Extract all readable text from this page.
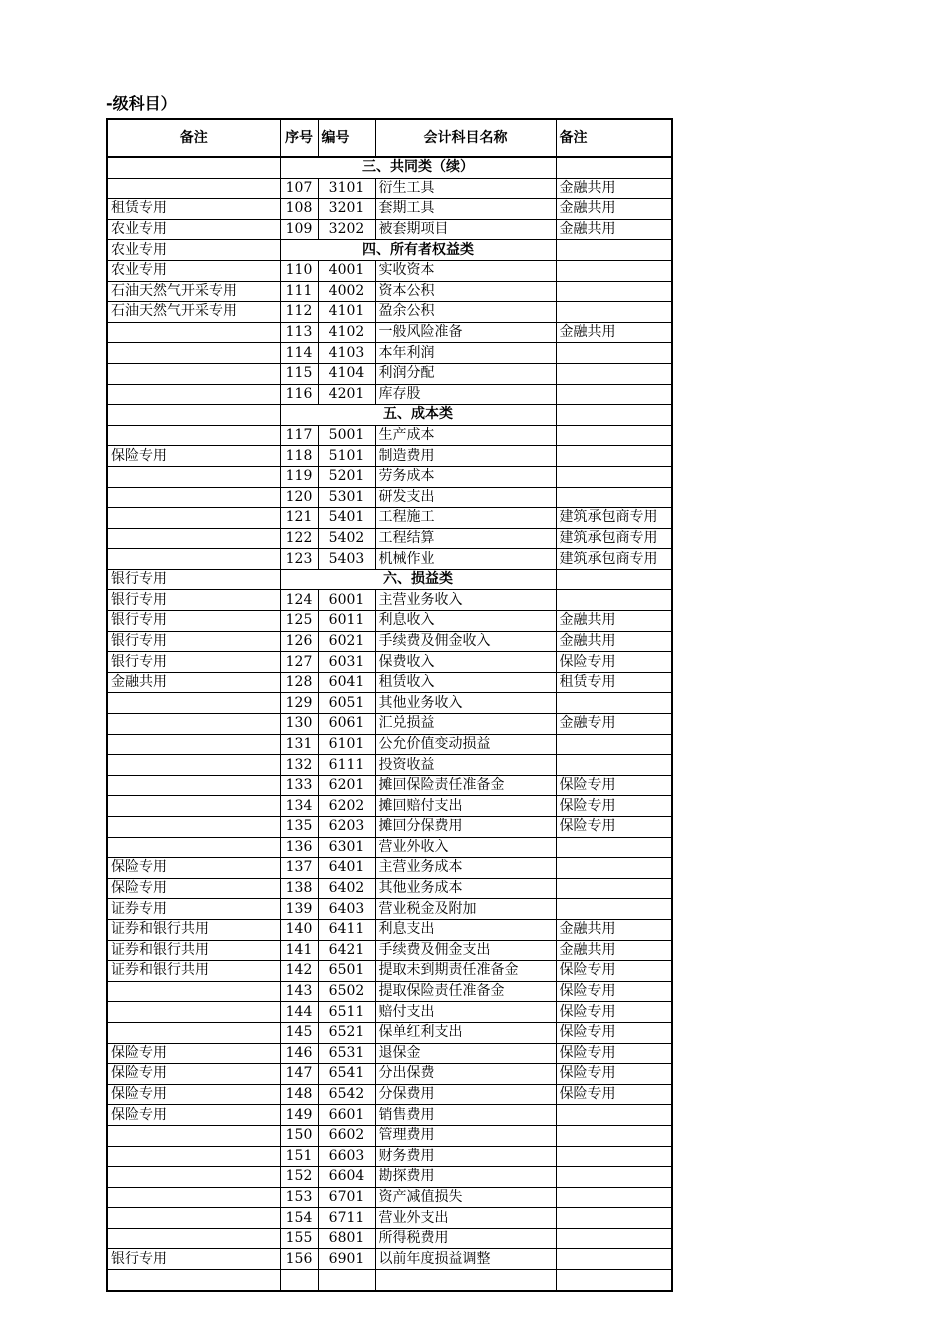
-级科目）
备注	序号	编号	会计科目名称	备注
	三、共同类（续）			
	107	3101	衍生工具	金融共用
租赁专用	108	3201	套期工具	金融共用
农业专用	109	3202	被套期项目	金融共用
农业专用	四、所有者权益类			
农业专用	110	4001	实收资本	
石油天然气开采专用	111	4002	资本公积	
石油天然气开采专用	112	4101	盈余公积	
	113	4102	一般风险准备	金融共用
	114	4103	本年利润	
	115	4104	利润分配	
	116	4201	库存股	
	五、成本类			
	117	5001	生产成本	
保险专用	118	5101	制造费用	
	119	5201	劳务成本	
	120	5301	研发支出	
	121	5401	工程施工	建筑承包商专用
	122	5402	工程结算	建筑承包商专用
	123	5403	机械作业	建筑承包商专用
银行专用	六、损益类			
银行专用	124	6001	主营业务收入	
银行专用	125	6011	利息收入	金融共用
银行专用	126	6021	手续费及佣金收入	金融共用
银行专用	127	6031	保费收入	保险专用
金融共用	128	6041	租赁收入	租赁专用
	129	6051	其他业务收入	
	130	6061	汇兑损益	金融专用
	131	6101	公允价值变动损益	
	132	6111	投资收益	
	133	6201	摊回保险责任准备金	保险专用
	134	6202	摊回赔付支出	保险专用
	135	6203	摊回分保费用	保险专用
	136	6301	营业外收入	
保险专用	137	6401	主营业务成本	
保险专用	138	6402	其他业务成本	
证券专用	139	6403	营业税金及附加	
证券和银行共用	140	6411	利息支出	金融共用
证券和银行共用	141	6421	手续费及佣金支出	金融共用
证券和银行共用	142	6501	提取未到期责任准备金	保险专用
	143	6502	提取保险责任准备金	保险专用
	144	6511	赔付支出	保险专用
	145	6521	保单红利支出	保险专用
保险专用	146	6531	退保金	保险专用
保险专用	147	6541	分出保费	保险专用
保险专用	148	6542	分保费用	保险专用
保险专用	149	6601	销售费用	
	150	6602	管理费用	
	151	6603	财务费用	
	152	6604	勘探费用	
	153	6701	资产减值损失	
	154	6711	营业外支出	
	155	6801	所得税费用	
银行专用	156	6901	以前年度损益调整	
